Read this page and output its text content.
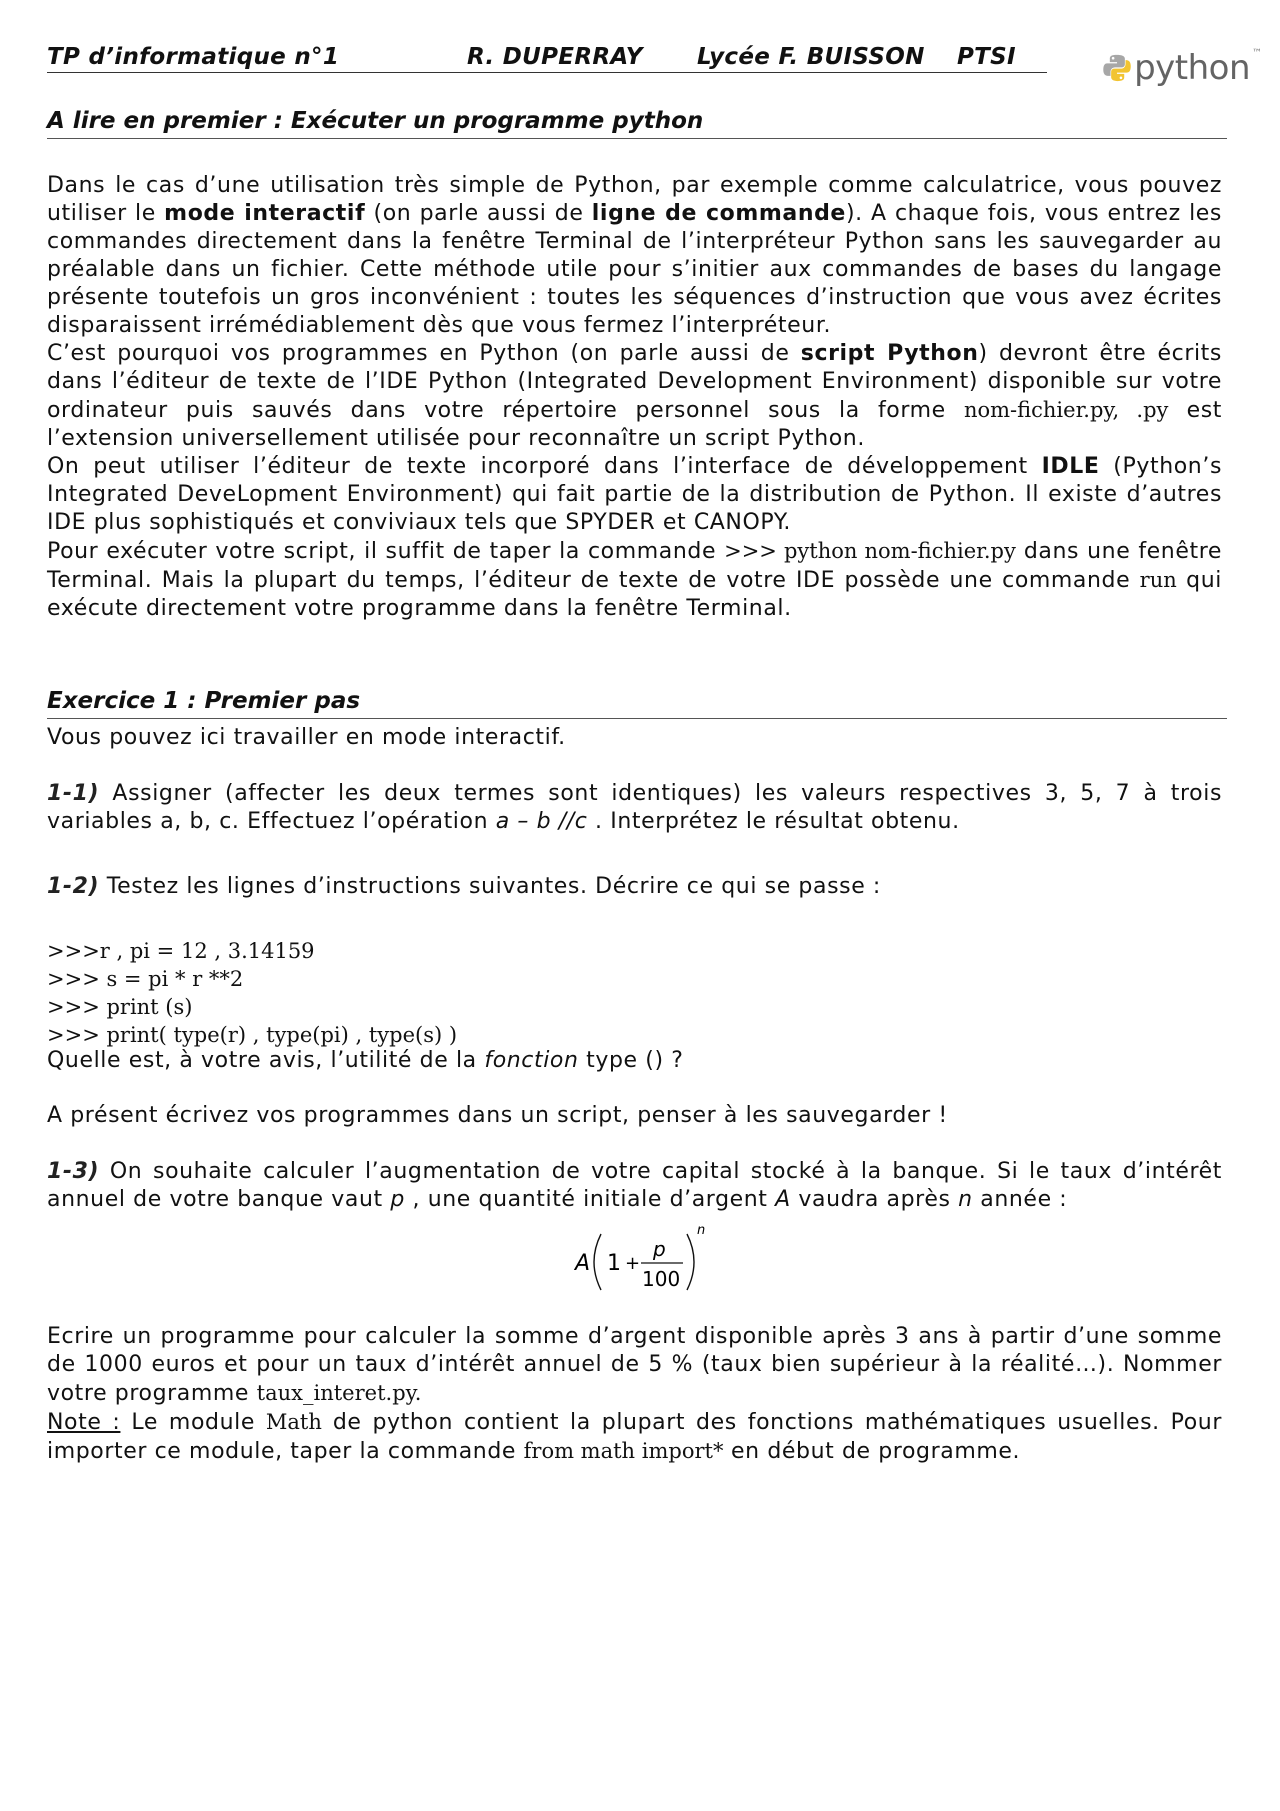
TP d’informatique n°1	R. DUPERRAY	Lycée F. BUISSON	PTSI	python ™
A lire en premier : Exécuter un programme python

Dans le cas d’une utilisation très simple de Python, par exemple comme calculatrice, vous pouvez utiliser le mode interactif (on parle aussi de ligne de commande). A chaque fois, vous entrez les commandes directement dans la fenêtre Terminal de l’interpréteur Python sans les sauvegarder au préalable dans un fichier. Cette méthode utile pour s’initier aux commandes de bases du langage présente toutefois un gros inconvénient : toutes les séquences d’instruction que vous avez écrites disparaissent irrémédiablement dès que vous fermez l’interpréteur.

C’est pourquoi vos programmes en Python (on parle aussi de script Python) devront être écrits dans l’éditeur de texte de l’IDE Python (Integrated Development Environment) disponible sur votre ordinateur puis sauvés dans votre répertoire personnel sous la forme nom-fichier.py, .py est l’extension universellement utilisée pour reconnaître un script Python.

On peut utiliser l’éditeur de texte incorporé dans l’interface de développement IDLE (Python’s Integrated DeveLopment Environment) qui fait partie de la distribution de Python. Il existe d’autres IDE plus sophistiqués et conviviaux tels que SPYDER et CANOPY.

Pour exécuter votre script, il suffit de taper la commande >>> python nom-fichier.py dans une fenêtre Terminal. Mais la plupart du temps, l’éditeur de texte de votre IDE possède une commande run qui exécute directement votre programme dans la fenêtre Terminal.

Exercice 1 : Premier pas

Vous pouvez ici travailler en mode interactif.

1-1) Assigner (affecter les deux termes sont identiques) les valeurs respectives 3, 5, 7 à trois variables a, b, c. Effectuez l’opération a – b //c . Interprétez le résultat obtenu.

1-2) Testez les lignes d’instructions suivantes. Décrire ce qui se passe :

>>>r , pi = 12 , 3.14159
>>> s = pi * r **2
>>> print (s)
>>> print( type(r) , type(pi) , type(s) )

Quelle est, à votre avis, l’utilité de la fonction type () ?

A présent écrivez vos programmes dans un script, penser à les sauvegarder !

1-3) On souhaite calculer l’augmentation de votre capital stocké à la banque. Si le taux d’intérêt annuel de votre banque vaut p , une quantité initiale d’argent A vaudra après n année :

A 1 +
p
100
n

Ecrire un programme pour calculer la somme d’argent disponible après 3 ans à partir d’une somme de 1000 euros et pour un taux d’intérêt annuel de 5 % (taux bien supérieur à la réalité…). Nommer votre programme taux_interet.py.

Note : Le module Math de python contient la plupart des fonctions mathématiques usuelles. Pour importer ce module, taper la commande from math import* en début de programme.
